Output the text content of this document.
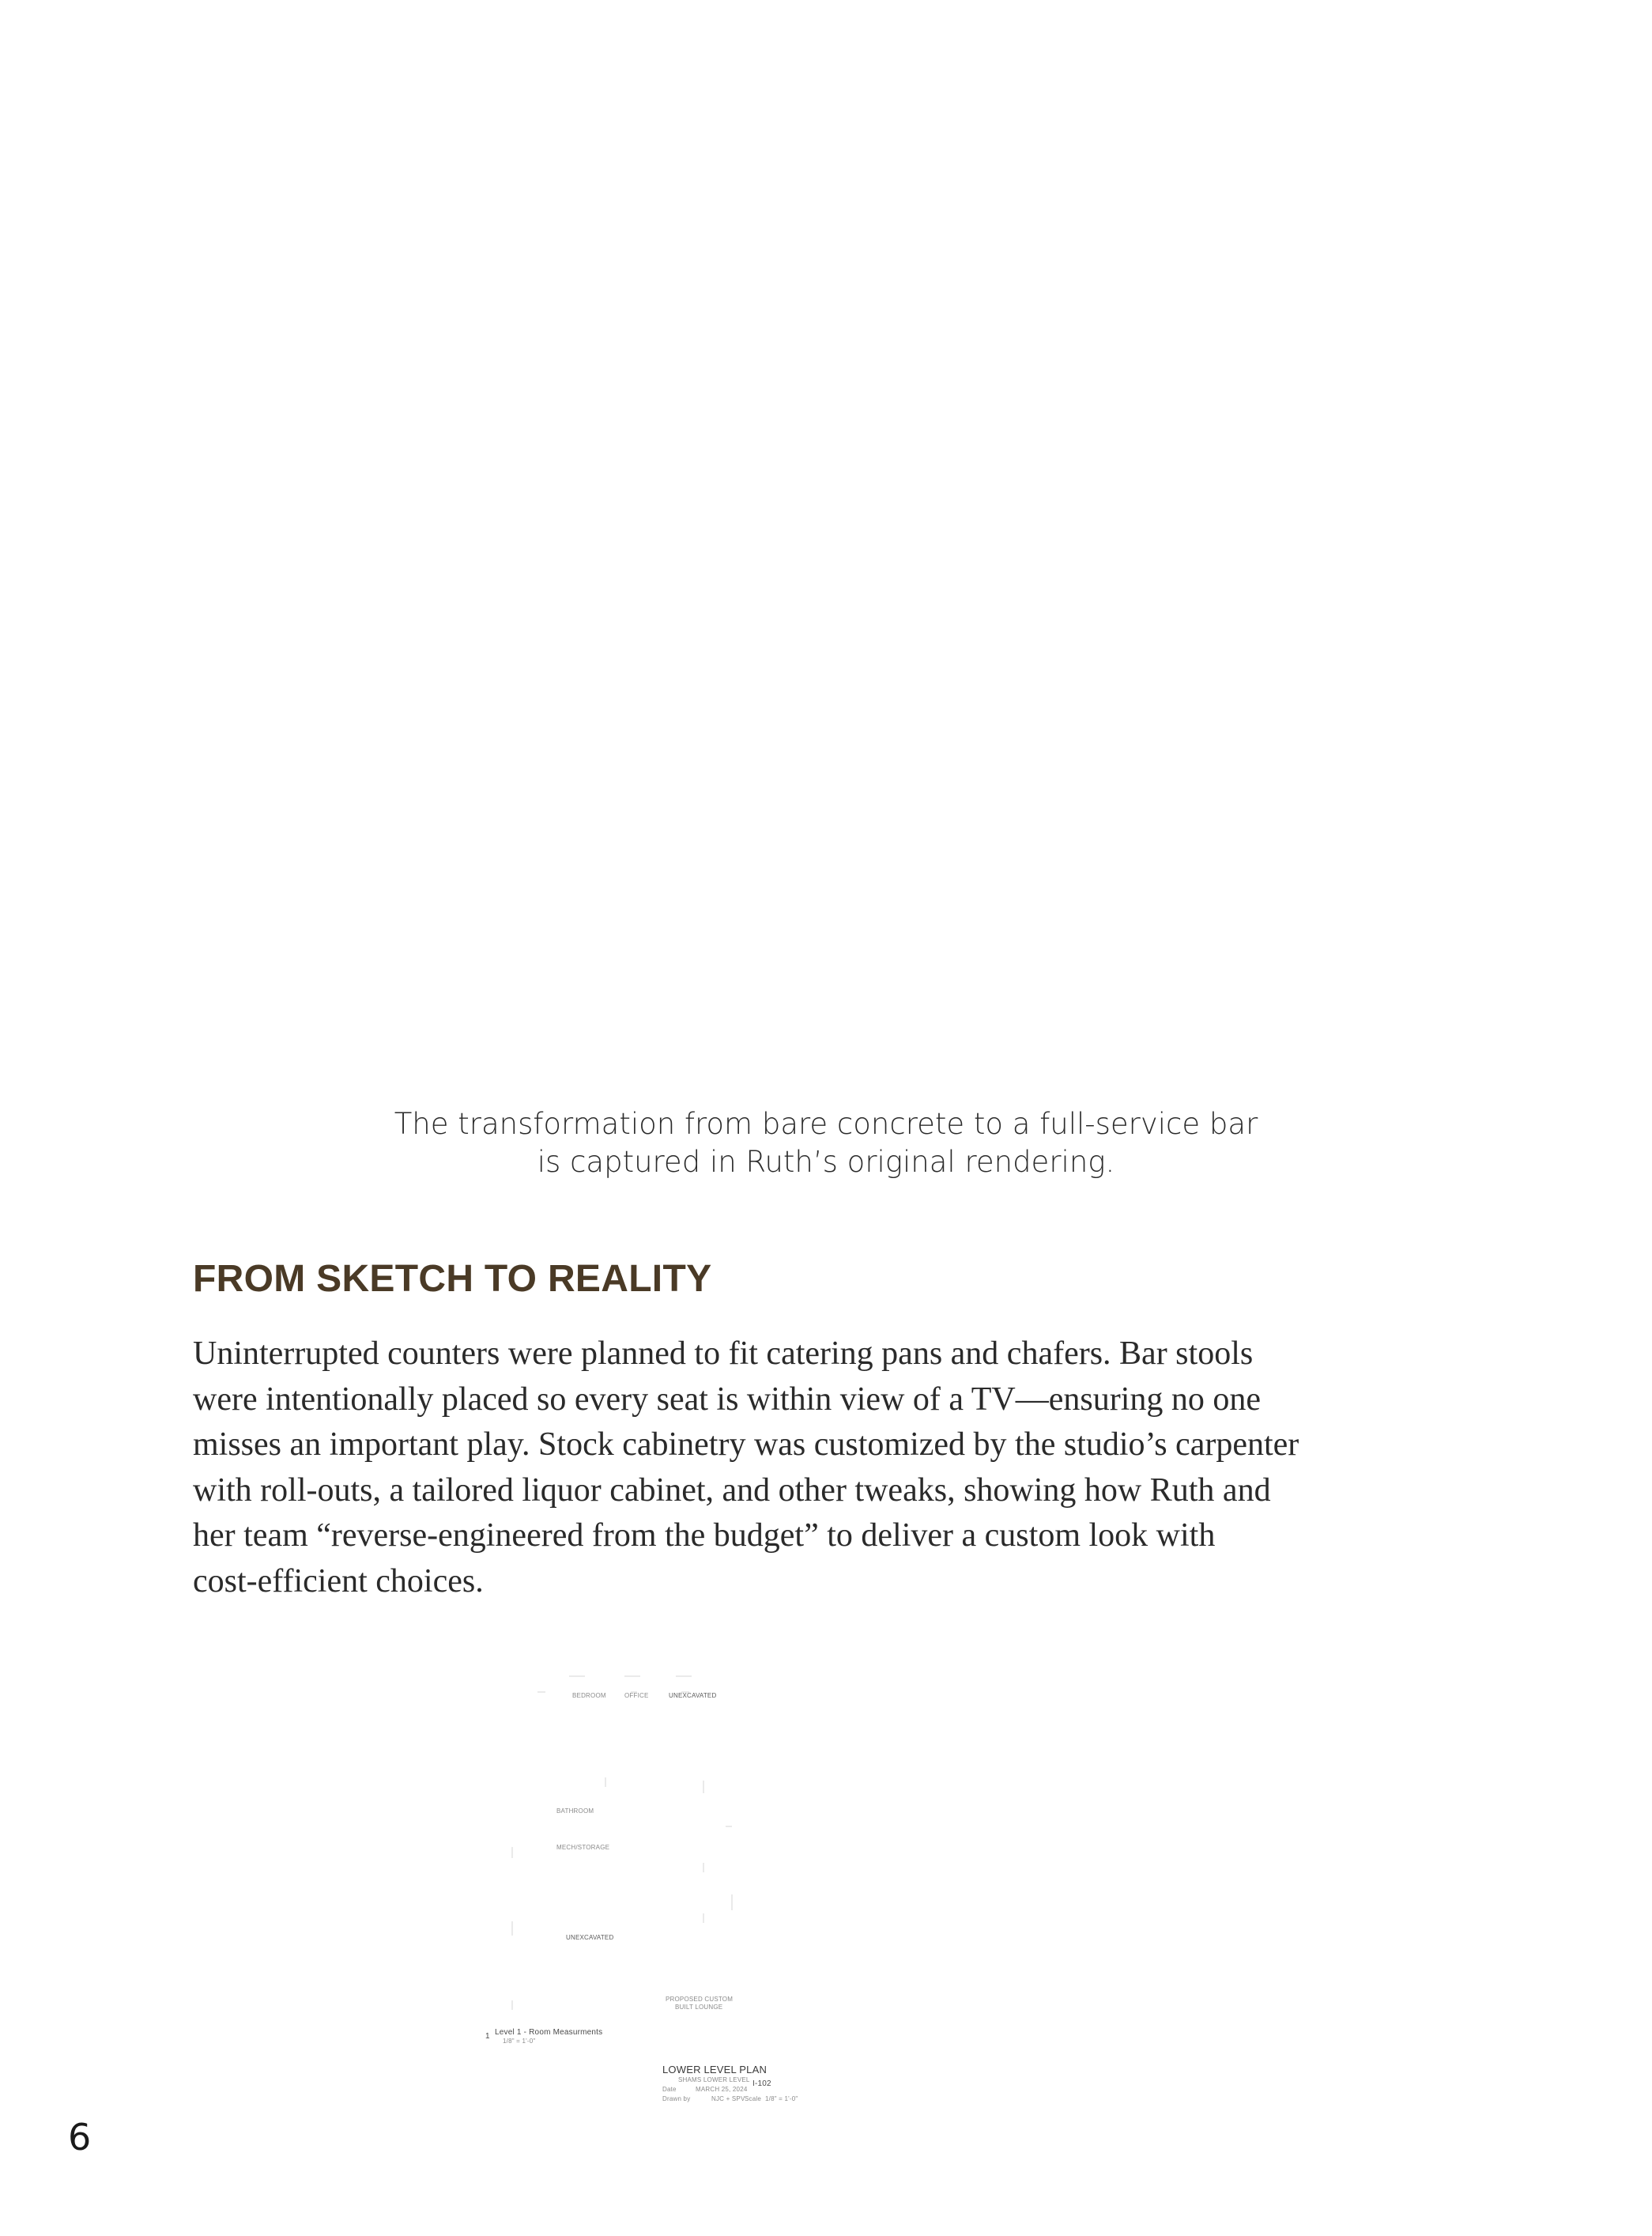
The transformation from bare concrete to a full-service bar
is captured in Ruth’s original rendering.
FROM SKETCH TO REALITY
Uninterrupted counters were planned to fit catering pans and chafers. Bar stools
were intentionally placed so every seat is within view of a TV—ensuring no one
misses an important play. Stock cabinetry was customized by the studio’s carpenter
with roll-outs, a tailored liquor cabinet, and other tweaks, showing how Ruth and
her team “reverse-engineered from the budget” to deliver a custom look with
cost-efficient choices.
BEDROOM	OFFICE	UNEXCAVATED
BATHROOM
MECH/STORAGE
UNEXCAVATED
PROPOSED CUSTOM
BUILT LOUNGE
1 Level 1 - Room Measurments
1/8" = 1'-0"
LOWER LEVEL PLAN
SHAMS LOWER LEVEL I-102
Date	MARCH 25, 2024
Drawn by	NJC + SPV Scale 1/8" = 1'-0"
6
